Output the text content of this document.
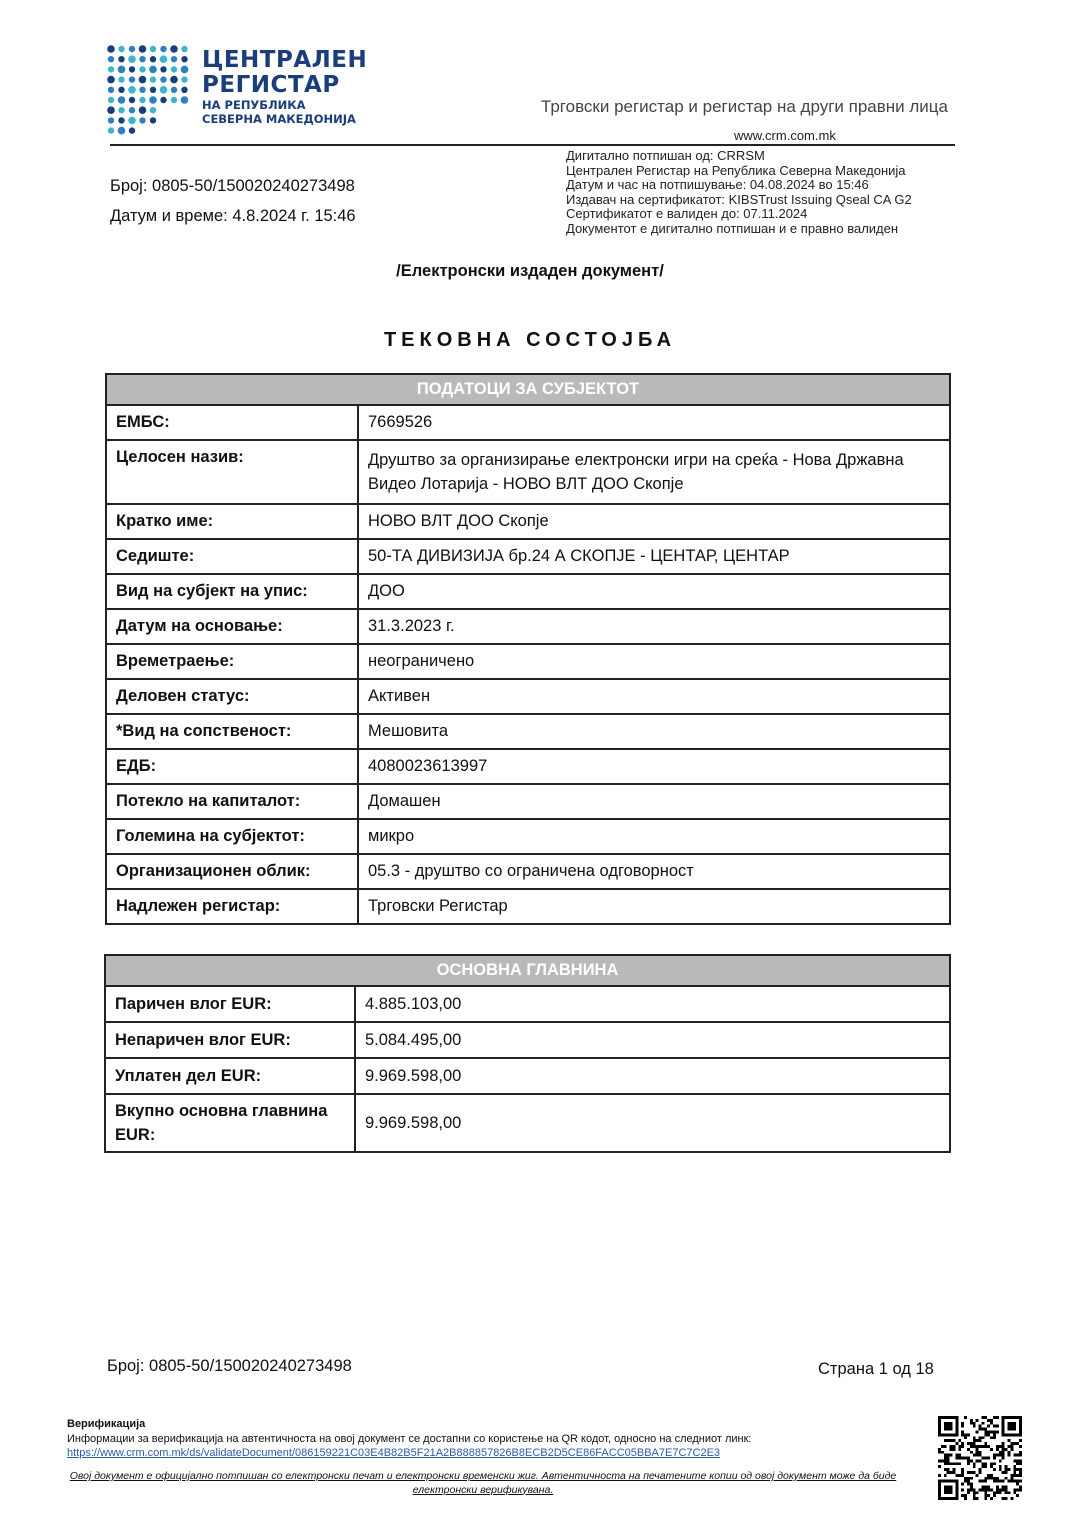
ЦЕНТРАЛЕН
РЕГИСТАР
НА РЕПУБЛИКА
СЕВЕРНА МАКЕДОНИЈА
Трговски регистар и регистар на други правни лица
www.crm.com.mk
Дигитално потпишан од: CRRSM
Централен Регистар на Република Северна Македонија
Датум и час на потпишување: 04.08.2024 во 15:46
Издавач на сертификатот: KIBSTrust Issuing Qseal CA G2
Сертификатот е валиден до: 07.11.2024
Документот е дигитално потпишан и е правно валиден
Број: 0805-50/150020240273498
Датум и време: 4.8.2024 г. 15:46
/Електронски издаден документ/
ТЕКОВНА СОСТОЈБА
ПОДАТОЦИ ЗА СУБЈЕКТОТ	
ЕМБС:	7669526
Целосен назив:	Друштво за организирање електронски игри на среќа - Нова Државна Видео Лотарија - НОВО ВЛТ ДОО Скопје
Кратко име:	НОВО ВЛТ ДОО Скопје
Седиште:	50-ТА ДИВИЗИЈА бр.24 А СКОПЈЕ - ЦЕНТАР, ЦЕНТАР
Вид на субјект на упис:	ДОО
Датум на основање:	31.3.2023 г.
Времетраење:	неограничено
Деловен статус:	Активен
*Вид на сопственост:	Мешовита
ЕДБ:	4080023613997
Потекло на капиталот:	Домашен
Големина на субјектот:	микро
Организационен облик:	05.3 - друштво со ограничена одговорност
Надлежен регистар:	Трговски Регистар
ОСНОВНА ГЛАВНИНА	
Паричен влог EUR:	4.885.103,00
Непаричен влог EUR:	5.084.495,00
Уплатен дел EUR:	9.969.598,00
Вкупно основна главнина EUR:	9.969.598,00
Број: 0805-50/150020240273498	Страна 1 од 18
Верификација
Информации за верификација на автентичноста на овој документ се достапни со користење на QR кодот, односно на следниот линк:
https://www.crm.com.mk/ds/validateDocument/086159221C03E4B82B5F21A2B888857826B8ECB2D5CE86FACC05BBA7E7C7C2E3
Овој документ е официјално потпишан со електронски печат и електронски временски жиг. Автентичноста на печатените копии од овој документ може да биде електронски верификувана.
